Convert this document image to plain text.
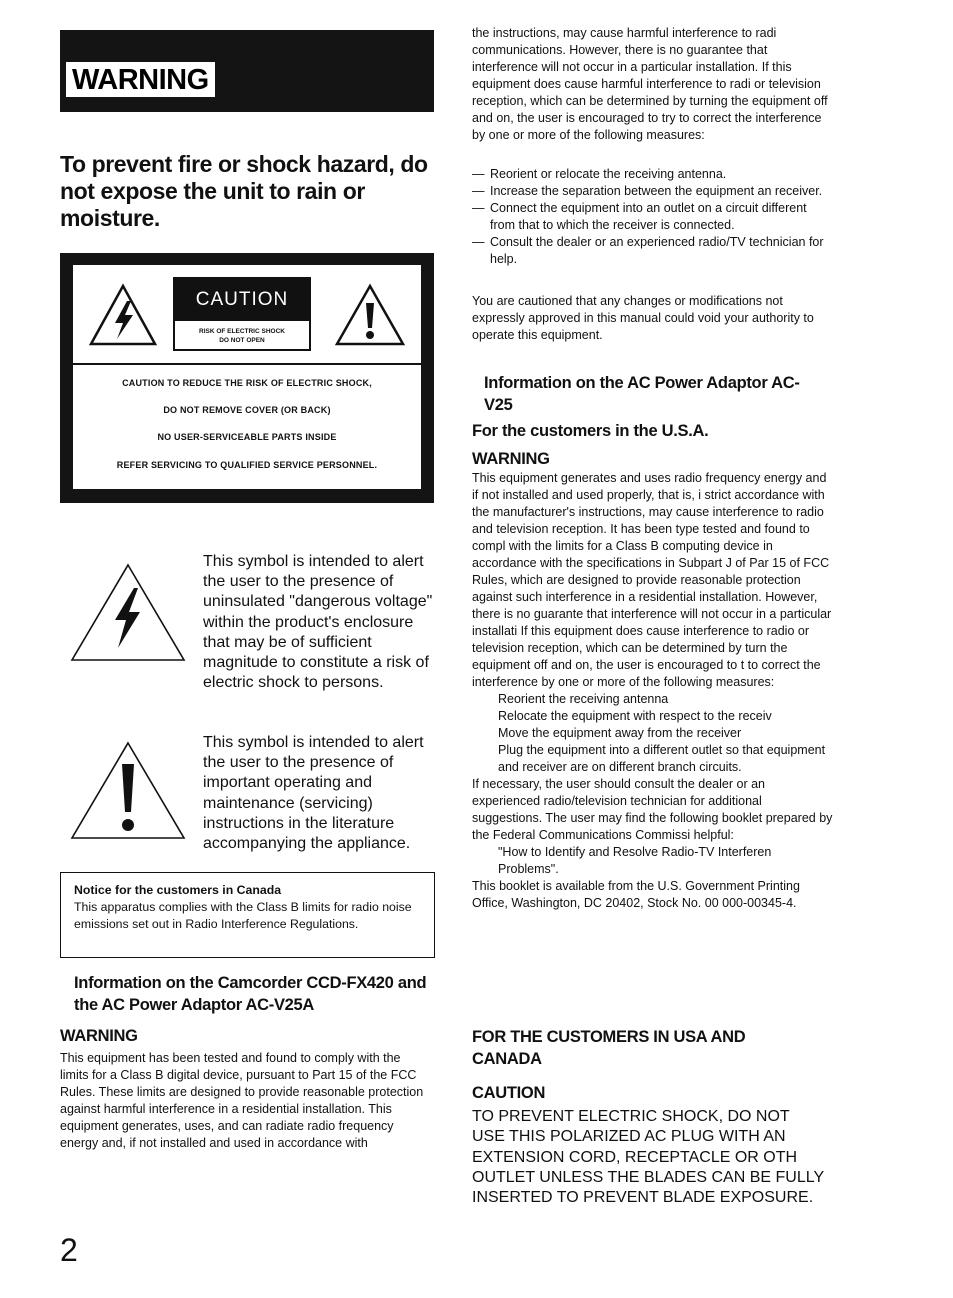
WARNING
To prevent fire or shock hazard, do not expose the unit to rain or moisture.
CAUTION
RISK OF ELECTRIC SHOCK
DO NOT OPEN
CAUTION TO REDUCE THE RISK OF ELECTRIC SHOCK,
DO NOT REMOVE COVER (OR BACK)
NO USER-SERVICEABLE PARTS INSIDE
REFER SERVICING TO QUALIFIED SERVICE PERSONNEL.
This symbol is intended to alert the user to the presence of uninsulated "dangerous voltage" within the product's enclosure that may be of sufficient magnitude to constitute a risk of electric shock to persons.
This symbol is intended to alert the user to the presence of important operating and maintenance (servicing) instructions in the literature accompanying the appliance.
Notice for the customers in Canada
This apparatus complies with the Class B limits for radio noise emissions set out in Radio Interference Regulations.
Information on the Camcorder CCD-FX420 and the AC Power Adaptor AC-V25A
WARNING
This equipment has been tested and found to comply with the limits for a Class B digital device, pursuant to Part 15 of the FCC Rules. These limits are designed to provide reasonable protection against harmful interference in a residential installation. This equipment generates, uses, and can radiate radio frequency energy and, if not installed and used in accordance with
2
the instructions, may cause harmful interference to radi communications. However, there is no guarantee that interference will not occur in a particular installation. If this equipment does cause harmful interference to radi or television reception, which can be determined by turning the equipment off and on, the user is encouraged to try to correct the interference by one or more of the following measures:
— Reorient or relocate the receiving antenna.
— Increase the separation between the equipment an receiver.
— Connect the equipment into an outlet on a circuit different from that to which the receiver is connected.
— Consult the dealer or an experienced radio/TV technician for help.
You are cautioned that any changes or modifications not expressly approved in this manual could void your authority to operate this equipment.
Information on the AC Power Adaptor AC-V25
For the customers in the U.S.A.
WARNING
This equipment generates and uses radio frequency energy and if not installed and used properly, that is, i strict accordance with the manufacturer's instructions, may cause interference to radio and television reception. It has been type tested and found to compl with the limits for a Class B computing device in accordance with the specifications in Subpart J of Par 15 of FCC Rules, which are designed to provide reasonable protection against such interference in a residential installation. However, there is no guarante that interference will not occur in a particular installati If this equipment does cause interference to radio or television reception, which can be determined by turn the equipment off and on, the user is encouraged to t to correct the interference by one or more of the following measures:
Reorient the receiving antenna
Relocate the equipment with respect to the receiv
Move the equipment away from the receiver
Plug the equipment into a different outlet so that equipment and receiver are on different branch circuits.
If necessary, the user should consult the dealer or an experienced radio/television technician for additional suggestions. The user may find the following booklet prepared by the Federal Communications Commissi helpful:
"How to Identify and Resolve Radio-TV Interferen Problems".
This booklet is available from the U.S. Government Printing Office, Washington, DC 20402, Stock No. 00 000-00345-4.
FOR THE CUSTOMERS IN USA AND CANADA
CAUTION
TO PREVENT ELECTRIC SHOCK, DO NOT USE THIS POLARIZED AC PLUG WITH AN EXTENSION CORD, RECEPTACLE OR OTH OUTLET UNLESS THE BLADES CAN BE FULLY INSERTED TO PREVENT BLADE EXPOSURE.
